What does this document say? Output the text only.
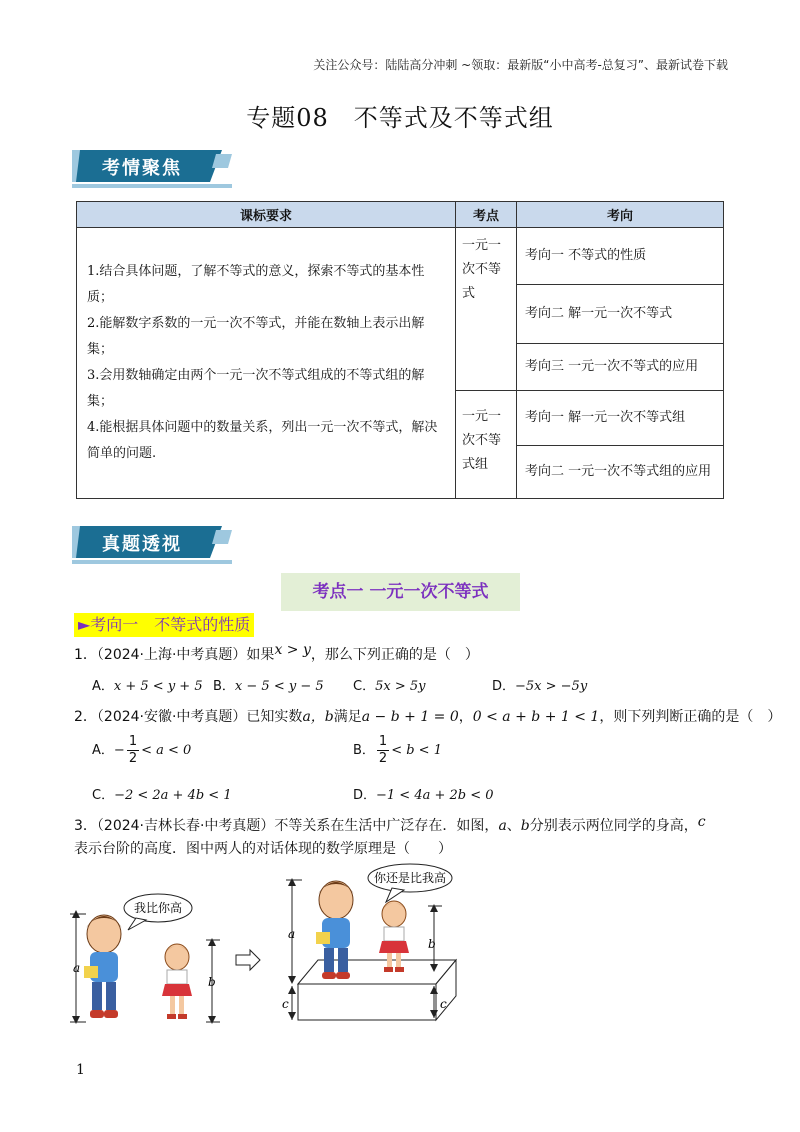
关注公众号：陆陆高分冲刺 ~领取：最新版“小中高考-总复习”、最新试卷下载
专题08　不等式及不等式组
考情聚焦
课标要求	考点	考向

1.结合具体问题，了解不等式的意义，探索不等式的基本性质；
2.能解数字系数的一元一次不等式，并能在数轴上表示出解集；
3.会用数轴确定由两个一元一次不等式组成的不等式组的解集；
4.能根据具体问题中的数量关系，列出一元一次不等式，解决简单的问题.	一元一次不等式	考向一 不等式的性质
		考向二 解一元一次不等式
		考向三 一元一次不等式的应用
	一元一次不等式组	考向一 解一元一次不等式组
		考向二 一元一次不等式组的应用
真题透视
考点一 一元一次不等式
►考向一　不等式的性质
1．（2024·上海·中考真题）如果x > y，那么下列正确的是（　）
A．x + 5 < y + 5 B．x − 5 < y − 5 C．5x > 5y	D．−5x > −5y
2．（2024·安徽·中考真题）已知实数a，b满足a − b + 1 = 0，0 < a + b + 1 < 1，则下列判断正确的是（　）
A．− $\frac{1}{2} < a < 0$	B． $\frac{1}{2} < b < 1$
C．−2 < 2a + 4b < 1	D．−1 < 4a + 2b < 0
3．（2024·吉林长春·中考真题）不等关系在生活中广泛存在．如图，a、b分别表示两位同学的身高，c
表示台阶的高度．图中两人的对话体现的数学原理是（　　）
a
我比你高
b
a
c
你还是比我高
b
c
1
